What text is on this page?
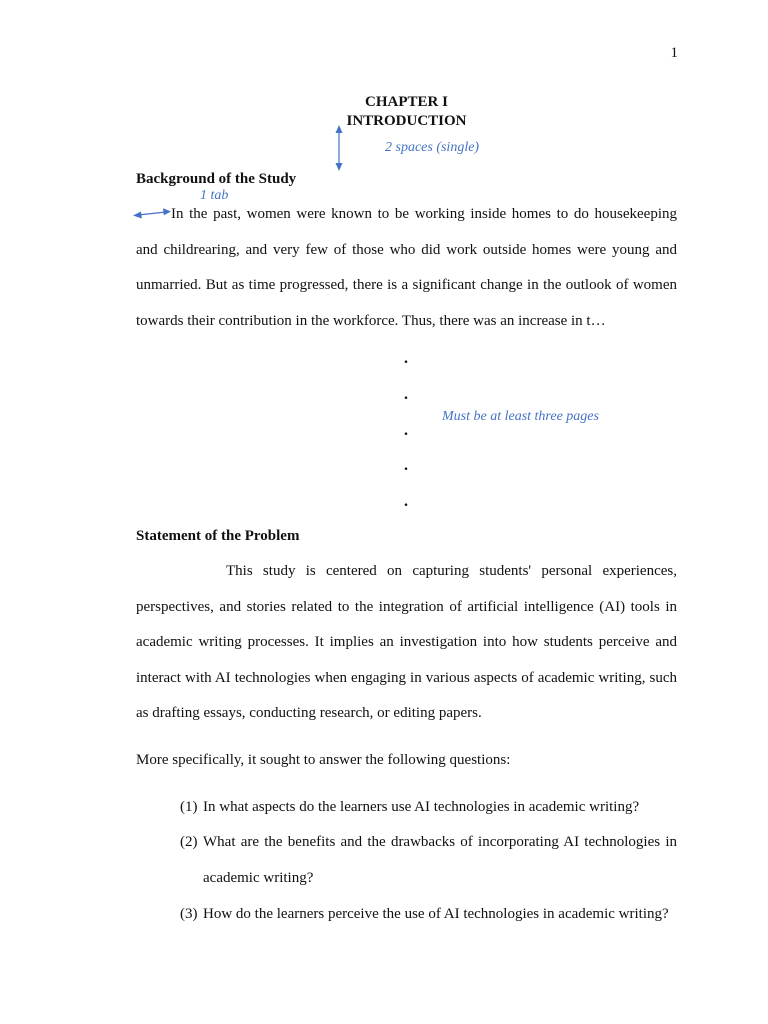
1
CHAPTER I
INTRODUCTION
2 spaces (single)
Background of the Study
1 tab

In the past, women were known to be working inside homes to do housekeeping and childrearing, and very few of those who did work outside homes were young and unmarried. But as time progressed, there is a significant change in the outlook of women towards their contribution in the workforce. Thus, there was an increase in t…

.
.
.
.
.
Must be at least three pages
Statement of the Problem

This study is centered on capturing students' personal experiences, perspectives, and stories related to the integration of artificial intelligence (AI) tools in academic writing processes. It implies an investigation into how students perceive and interact with AI technologies when engaging in various aspects of academic writing, such as drafting essays, conducting research, or editing papers.

More specifically, it sought to answer the following questions:
(1) In what aspects do the learners use AI technologies in academic writing?
(2) What are the benefits and the drawbacks of incorporating AI technologies in academic writing?
(3) How do the learners perceive the use of AI technologies in academic writing?
